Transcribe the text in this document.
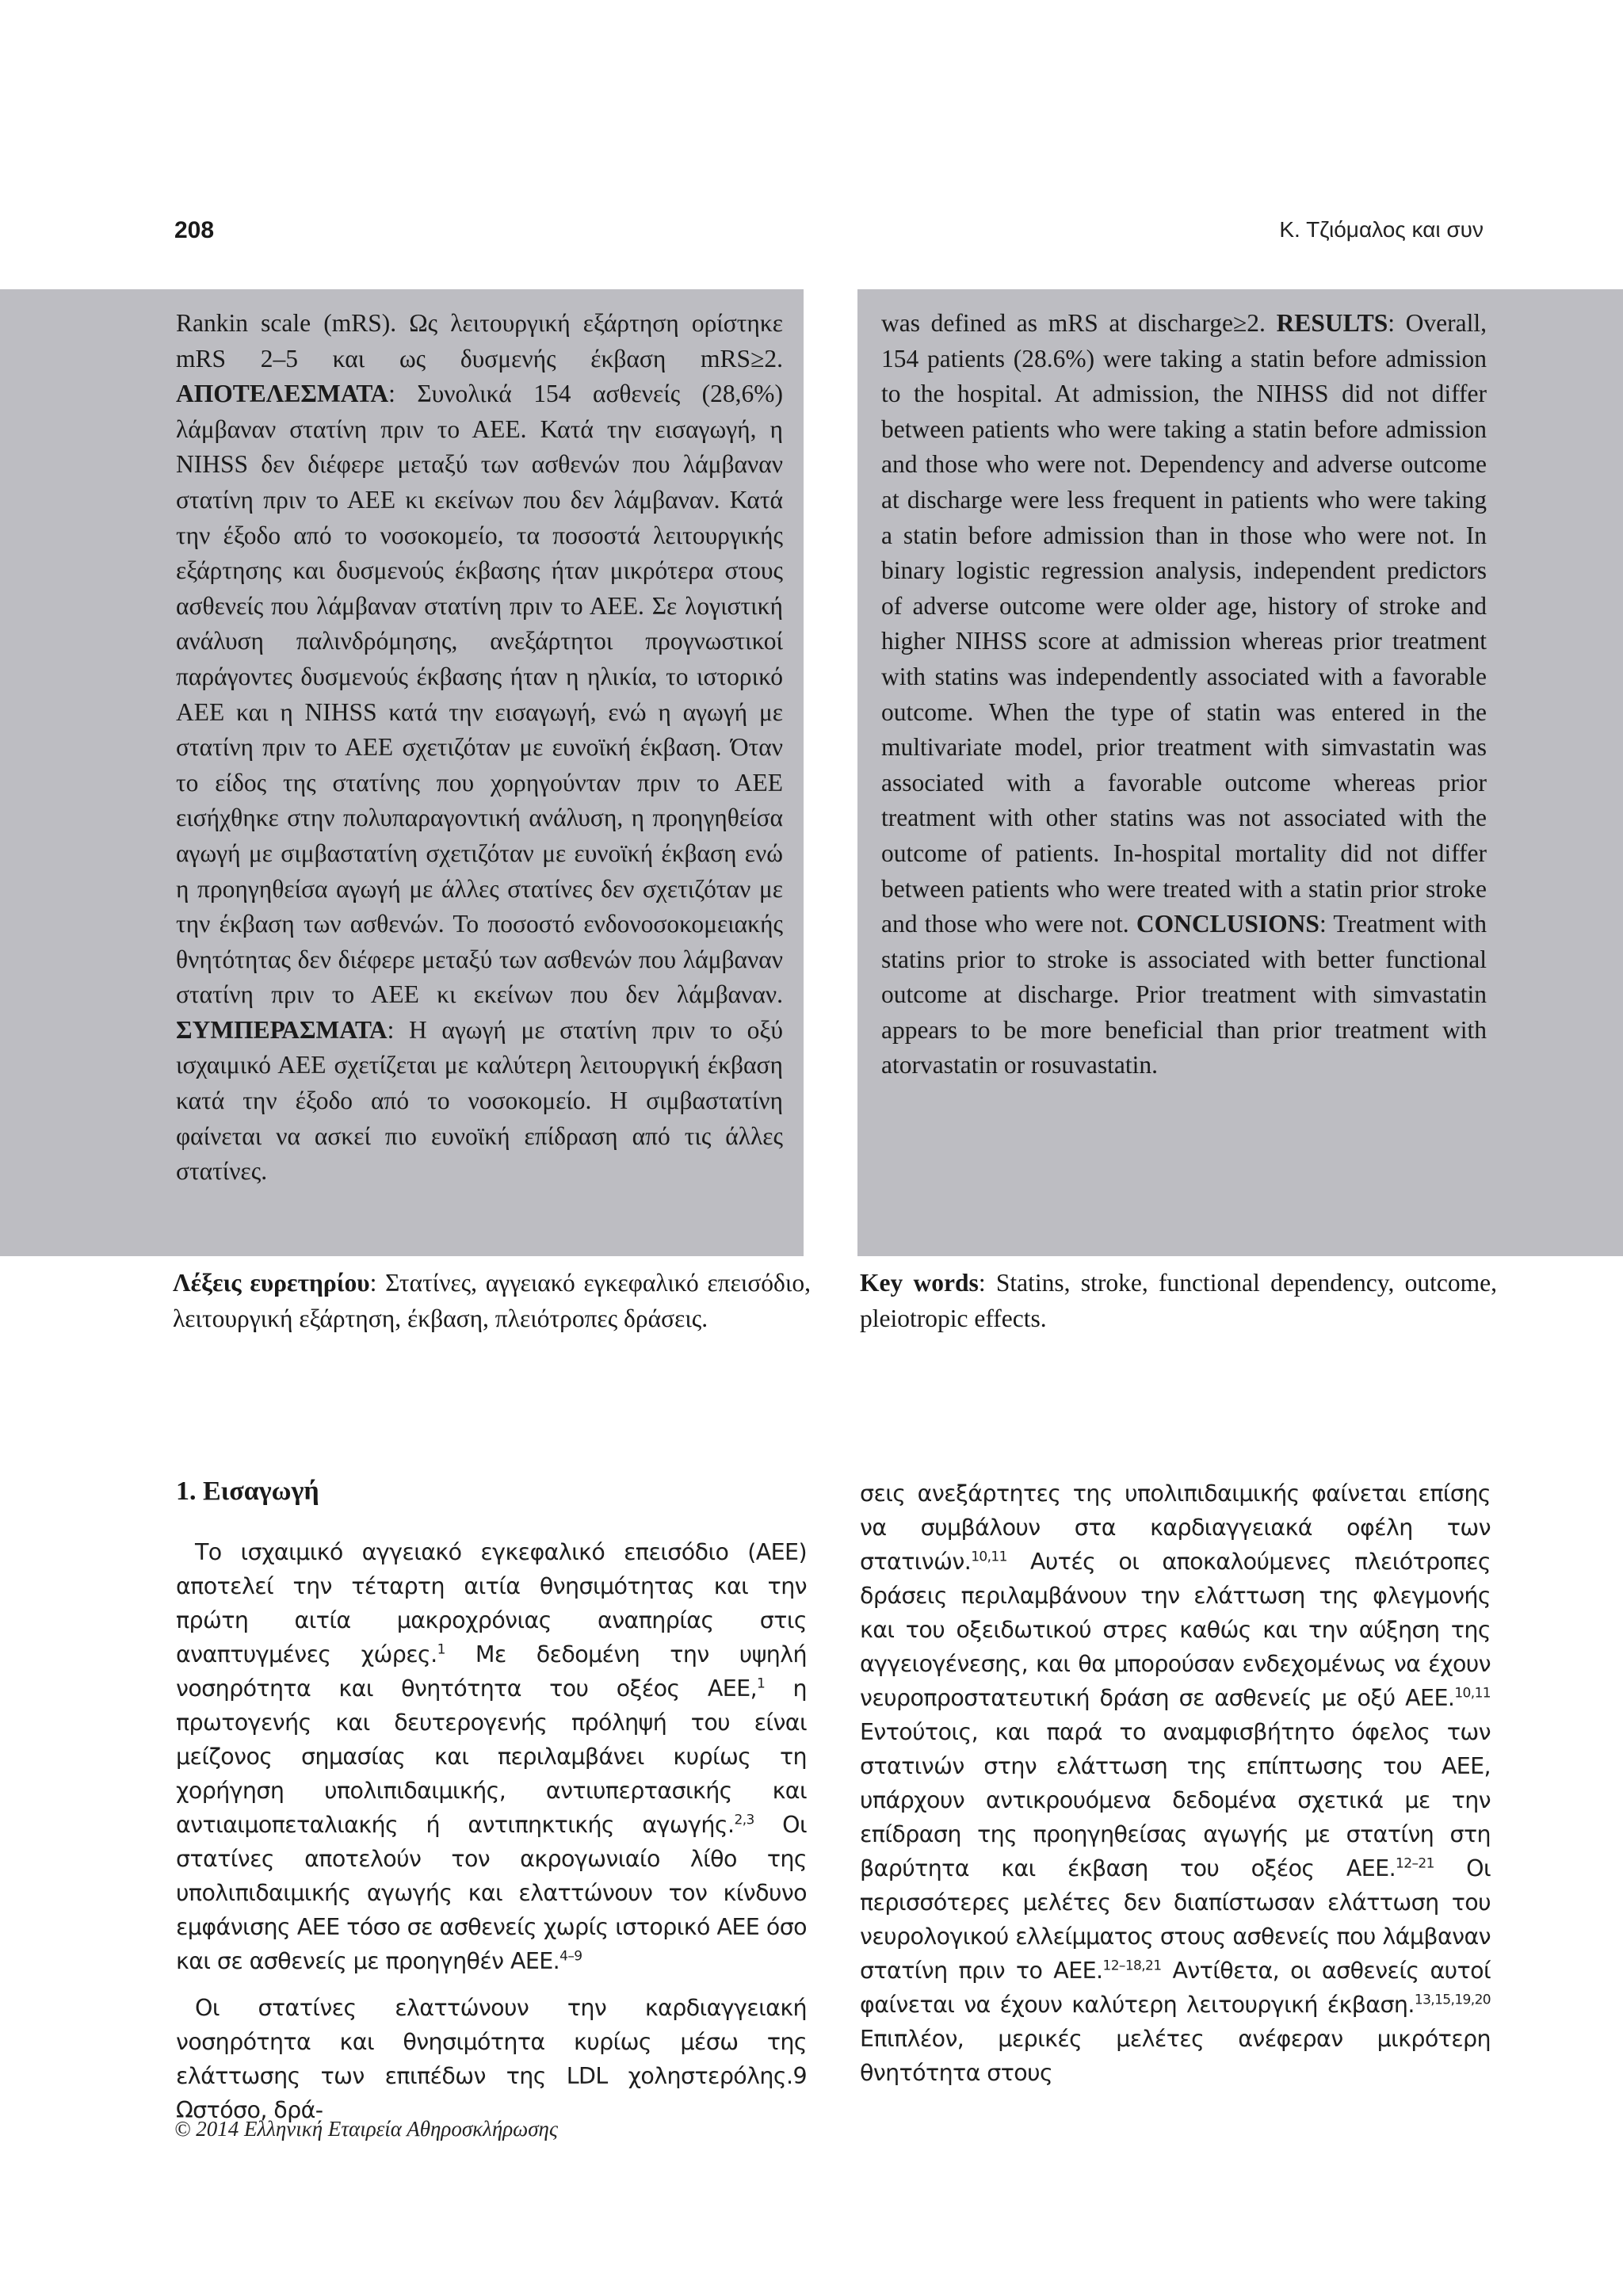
208	Κ. Τζιόμαλος και συν

Rankin scale (mRS). Ως λειτουργική εξάρτηση ορίστηκε mRS 2–5 και ως δυσμενής έκβαση mRS≥2. ΑΠΟΤΕΛΕΣΜΑΤΑ: Συνολικά 154 ασθενείς (28,6%) λάμβαναν στατίνη πριν το ΑΕΕ. Κατά την εισαγωγή, η NIHSS δεν διέφερε μεταξύ των ασθενών που λάμβαναν στατίνη πριν το ΑΕΕ κι εκείνων που δεν λάμβαναν. Κατά την έξοδο από το νοσοκομείο, τα ποσοστά λειτουργικής εξάρτησης και δυσμενούς έκβασης ήταν μικρότερα στους ασθενείς που λάμβαναν στατίνη πριν το ΑΕΕ. Σε λογιστική ανάλυση παλινδρόμησης, ανεξάρτητοι προγνωστικοί παράγοντες δυσμενούς έκβασης ήταν η ηλικία, το ιστορικό ΑΕΕ και η NIHSS κατά την εισαγωγή, ενώ η αγωγή με στατίνη πριν το ΑΕΕ σχετιζόταν με ευνοϊκή έκβαση. Όταν το είδος της στατίνης που χορηγούνταν πριν το ΑΕΕ εισήχθηκε στην πολυπαραγοντική ανάλυση, η προηγηθείσα αγωγή με σιμβαστατίνη σχετιζόταν με ευνοϊκή έκβαση ενώ η προηγηθείσα αγωγή με άλλες στατίνες δεν σχετιζόταν με την έκβαση των ασθενών. Το ποσοστό ενδονοσοκομειακής θνητότητας δεν διέφερε μεταξύ των ασθενών που λάμβαναν στατίνη πριν το ΑΕΕ κι εκείνων που δεν λάμβαναν. ΣΥΜΠΕΡΑΣΜΑΤΑ: Η αγωγή με στατίνη πριν το οξύ ισχαιμικό ΑΕΕ σχετίζεται με καλύτερη λειτουργική έκβαση κατά την έξοδο από το νοσοκομείο. Η σιμβαστατίνη φαίνεται να ασκεί πιο ευνοϊκή επίδραση από τις άλλες στατίνες.

was defined as mRS at discharge≥2. RESULTS: Overall, 154 patients (28.6%) were taking a statin before admission to the hospital. At admission, the NIHSS did not differ between patients who were taking a statin before admission and those who were not. Dependency and adverse outcome at discharge were less frequent in patients who were taking a statin before admission than in those who were not. In binary logistic regression analysis, independent predictors of adverse outcome were older age, history of stroke and higher NIHSS score at admission whereas prior treatment with statins was independently associated with a favorable outcome. When the type of statin was entered in the multivariate model, prior treatment with simvastatin was associated with a favorable outcome whereas prior treatment with other statins was not associated with the outcome of patients. In-hospital mortality did not differ between patients who were treated with a statin prior stroke and those who were not. CONCLUSIONS: Treatment with statins prior to stroke is associated with better functional outcome at discharge. Prior treatment with simvastatin appears to be more beneficial than prior treatment with atorvastatin or rosuvastatin.

Λέξεις ευρετηρίου: Στατίνες, αγγειακό εγκεφαλικό επεισόδιο, λειτουργική εξάρτηση, έκβαση, πλειότροπες δράσεις.

Key words: Statins, stroke, functional dependency, outcome, pleiotropic effects.

1. Εισαγωγή

Το ισχαιμικό αγγειακό εγκεφαλικό επεισόδιο (ΑΕΕ) αποτελεί την τέταρτη αιτία θνησιμότητας και την πρώτη αιτία μακροχρόνιας αναπηρίας στις αναπτυγμένες χώρες.$^1$ Με δεδομένη την υψηλή νοσηρότητα και θνητότητα του οξέος ΑΕΕ,$^1$ η πρωτογενής και δευτερογενής πρόληψή του είναι μείζονος σημασίας και περιλαμβάνει κυρίως τη χορήγηση υπολιπιδαιμικής, αντιυπερτασικής και αντιαιμοπεταλιακής ή αντιπηκτικής αγωγής.$^{2,3}$ Οι στατίνες αποτελούν τον ακρογωνιαίο λίθο της υπολιπιδαιμικής αγωγής και ελαττώνουν τον κίνδυνο εμφάνισης ΑΕΕ τόσο σε ασθενείς χωρίς ιστορικό ΑΕΕ όσο και σε ασθενείς με προηγηθέν ΑΕΕ.$^{4-9}$

Οι στατίνες ελαττώνουν την καρδιαγγειακή νοσηρότητα και θνησιμότητα κυρίως μέσω της ελάττωσης των επιπέδων της LDL χοληστερόλης.9 Ωστόσο, δρά-

σεις ανεξάρτητες της υπολιπιδαιμικής φαίνεται επίσης να συμβάλουν στα καρδιαγγειακά οφέλη των στατινών.$^{10,11}$ Αυτές οι αποκαλούμενες πλειότροπες δράσεις περιλαμβάνουν την ελάττωση της φλεγμονής και του οξειδωτικού στρες καθώς και την αύξηση της αγγειογένεσης, και θα μπορούσαν ενδεχομένως να έχουν νευροπροστατευτική δράση σε ασθενείς με οξύ ΑΕΕ.$^{10,11}$ Εντούτοις, και παρά το αναμφισβήτητο όφελος των στατινών στην ελάττωση της επίπτωσης του ΑΕΕ, υπάρχουν αντικρουόμενα δεδομένα σχετικά με την επίδραση της προηγηθείσας αγωγής με στατίνη στη βαρύτητα και έκβαση του οξέος ΑΕΕ.$^{12-21}$ Οι περισσότερες μελέτες δεν διαπίστωσαν ελάττωση του νευρολογικού ελλείμματος στους ασθενείς που λάμβαναν στατίνη πριν το ΑΕΕ.$^{12-18,21}$ Αντίθετα, οι ασθενείς αυτοί φαίνεται να έχουν καλύτερη λειτουργική έκβαση.$^{13,15,19,20}$ Επιπλέον, μερικές μελέτες ανέφεραν μικρότερη θνητότητα στους

© 2014 Ελληνική Εταιρεία Αθηροσκλήρωσης
